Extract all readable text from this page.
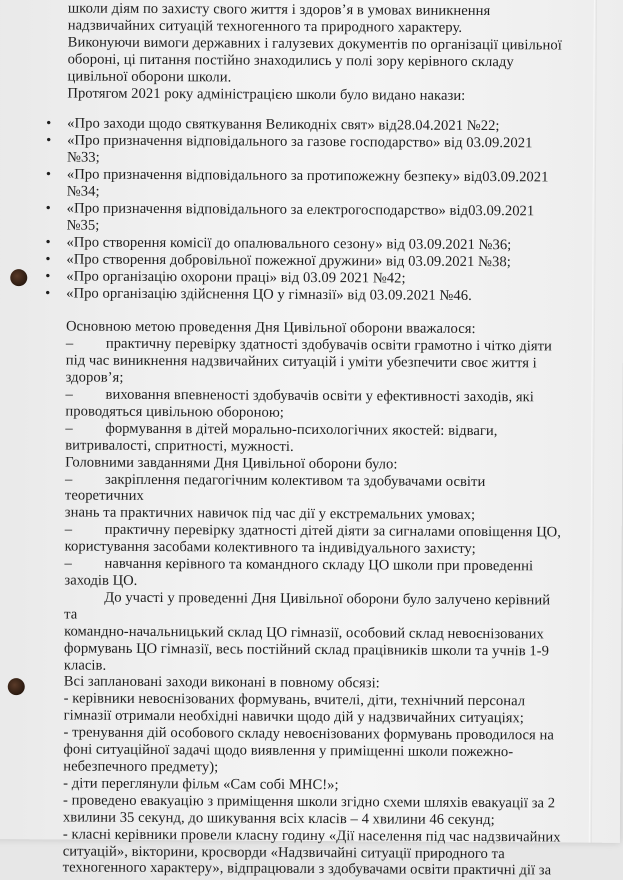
школи діям по захисту свого життя і здоров’я в умовах виникнення

надзвичайних ситуацій техногенного та природного характеру.

Виконуючи вимоги державних і галузевих документів по організації цивільної

обороні, ці питання постійно знаходились у полі зору керівного складу

цивільної оборони школи.

Протягом 2021 року адміністрацією школи було видано накази:

• «Про заходи щодо святкування Великодніх свят» від28.04.2021 №22;

• «Про призначення відповідального за газове господарство» від 03.09.2021 №33;

• «Про призначення відповідального за протипожежну безпеку» від03.09.2021

№34;

• «Про призначення відповідального за електрогосподарство» від03.09.2021 №35;

• «Про створення комісії до опалювального сезону» від 03.09.2021 №36;

• «Про створення добровільної пожежної дружини» від 03.09.2021 №38;

• «Про організацію охорони праці» від 03.09 2021 №42;

• «Про організацію здійснення ЦО у гімназії» від 03.09.2021 №46.

Основною метою проведення Дня Цивільної оборони вважалося:

– практичну перевірку здатності здобувачів освіти грамотно і чітко діяти

під час виникнення надзвичайних ситуацій і уміти убезпечити своє життя і

здоров’я;

– виховання впевненості здобувачів освіти у ефективності заходів, які

проводяться цивільною обороною;

– формування в дітей морально-психологічних якостей: відваги,

витривалості, спритності, мужності.

Головними завданнями Дня Цивільної оборони було:

– закріплення педагогічним колективом та здобувачами освіти теоретичних

знань та практичних навичок під час дії у екстремальних умовах;

– практичну перевірку здатності дітей діяти за сигналами оповіщення ЦО,

користування засобами колективного та індивідуального захисту;

– навчання керівного та командного складу ЦО школи при проведенні

заходів ЦО.

До участі у проведенні Дня Цивільної оборони було залучено керівний та

командно-начальницький склад ЦО гімназії, особовий склад невоєнізованих

формувань ЦО гімназії, весь постійний склад працівників школи та учнів 1-9

класів.

Всі заплановані заходи виконані в повному обсязі:

- керівники невоєнізованих формувань, вчителі, діти, технічний персонал

гімназії отримали необхідні навички щодо дій у надзвичайних ситуаціях;

- тренування дій особового складу невоєнізованих формувань проводилося на

фоні ситуаційної задачі щодо виявлення у приміщенні школи пожежно-

небезпечного предмету);

- діти переглянули фільм «Сам собі МНС!»;

- проведено евакуацію з приміщення школи згідно схеми шляхів евакуації за 2

хвилини 35 секунд, до шикування всіх класів – 4 хвилини 46 секунд;

- класні керівники провели класну годину «Дії населення під час надзвичайних

ситуацій», вікторини, кросворди «Надзвичайні ситуації природного та

техногенного характеру», відпрацювали з здобувачами освіти практичні дії за
